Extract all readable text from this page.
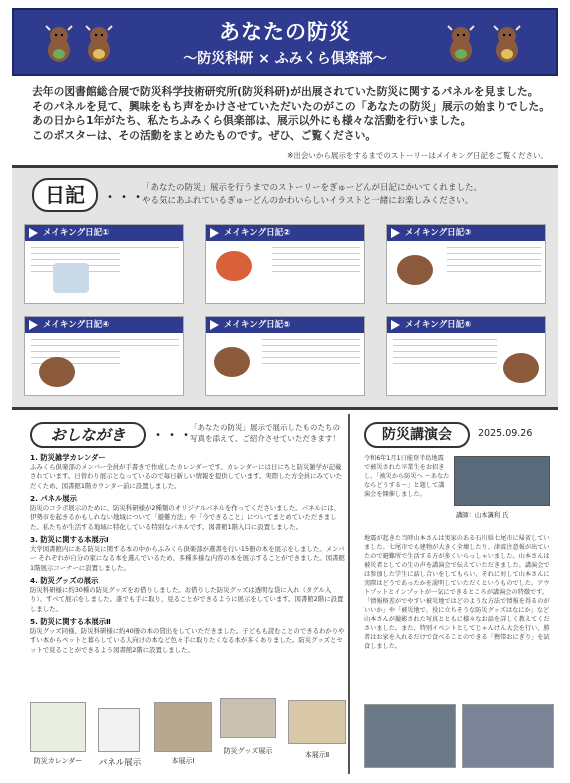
あなたの防災
〜防災科研 × ふみくら倶楽部〜
去年の図書館総合展で防災科学技術研究所(防災科研)が出展されていた防災に関するパネルを見ました。
そのパネルを見て、興味をもち声をかけさせていただいたのがこの「あなたの防災」展示の始まりでした。
あの日から1年がたち、私たちふみくら倶楽部は、展示以外にも様々な活動を行いました。
このポスターは、その活動をまとめたものです。ぜひ、ご覧ください。
※出会いから展示をするまでのストーリーはメイキング日記をご覧ください。
日記	・・・
「あなたの防災」展示を行うまでのストーリーをぎゅーどんが日記にかいてくれました。
やる気にあふれているぎゅーどんのかわいらしいイラストと一緒にお楽しみください。
メイキング日記①	メイキング日記②	メイキング日記③
メイキング日記④	メイキング日記⑤	メイキング日記⑥
おしながき	・・・
「あなたの防災」展示で展示したものたちの
写真を添えて、ご紹介させていただきます！
1. 防災雑学カレンダー

ふみくら倶楽部のメンバー全員が手書きで作成したカレンダーです。カレンダーには日にちと防災雑学が記載されています。日替わり展示となっているので毎日新しい情報を提供しています。実際した方全員にみていただくため、図書館1階カウンター前に設置しました。

2. パネル展示

防災のコラボ展示のために、防災科研様が2種類のオリジナルパネルを作ってくださいました。パネルには、伊勢市を起きるかもしれない地域について「避難方法」や「今できること」についてまとめていただきました。私たちが生活する地域に特化している特別なパネルです。図書館1階入口に設置しました。

3. 防災に関する本展示Ⅰ

大学図書館内にある防災に関する本の中からふみくら倶楽部が選書を行い15冊の本を展示をしました。メンバー それぞれが自分の家になる本を選んでいるため、多種多様な内容の本を展示することができました。図書館1階展示コーナーに設置しました。

4. 防災グッズの展示

防災科研様に約30種の防災グッズをお借りしました。お借りした防災グッズは透明な袋に入れ（タグル入り）、すべて展示をしました。誰でも手に取り、見ることができるように展示をしています。図書館2階に設置しました。

5. 防災に関する本展示Ⅱ

防災グッズ同様、防災科研様に約40冊の本の貸出をしていただきました。子どもも読むことのできるわかりやすい本からペットと暮らしている人向けの本など色々手に取りたくなる本が多くありました。防災グッズとセットで見ることができるよう図書館2階に設置しました。

防災カレンダー	パネル展示	本展示Ⅰ
防災グッズ展示	本展示Ⅱ
防災講演会	2025.09.26
令和6年1月1日能登半島地震で被災された卒業生をお招きし、「被災から防災へ 〜あなたならどうする〜」と題して講演会を開催しました。
講師：山本識利 氏
地震が起きた当時山本さんは実家のある石川県七尾市に帰省していました。七尾市でも建物が大きく全壊したり、津波注意報が出ていたので避難所で生活する方が多くいらっしゃいました。山本さんは被災者としての生の声を講演会で伝えていただきました。講演会では参加した学生に話し合いをしてもらい、それに対して山本さんに実際はどうであったかを説明していただくというものでした。アウトプットとインプットが一気にできるところが講演会の特徴です。「情報格差がでやすい被災地ではどのような方法で情報を得るのがいいか」や「被災地で、役に立ちそうな防災グッズはなにか」など山本さんが撮影された写真とともに様々なお話を詳しく教えてくださいました。また、特別イベントとしてじゃんけん大会を行い、勝者はお家を入れるだけで食べることのできる「携帯おにぎり」を試食しました。
